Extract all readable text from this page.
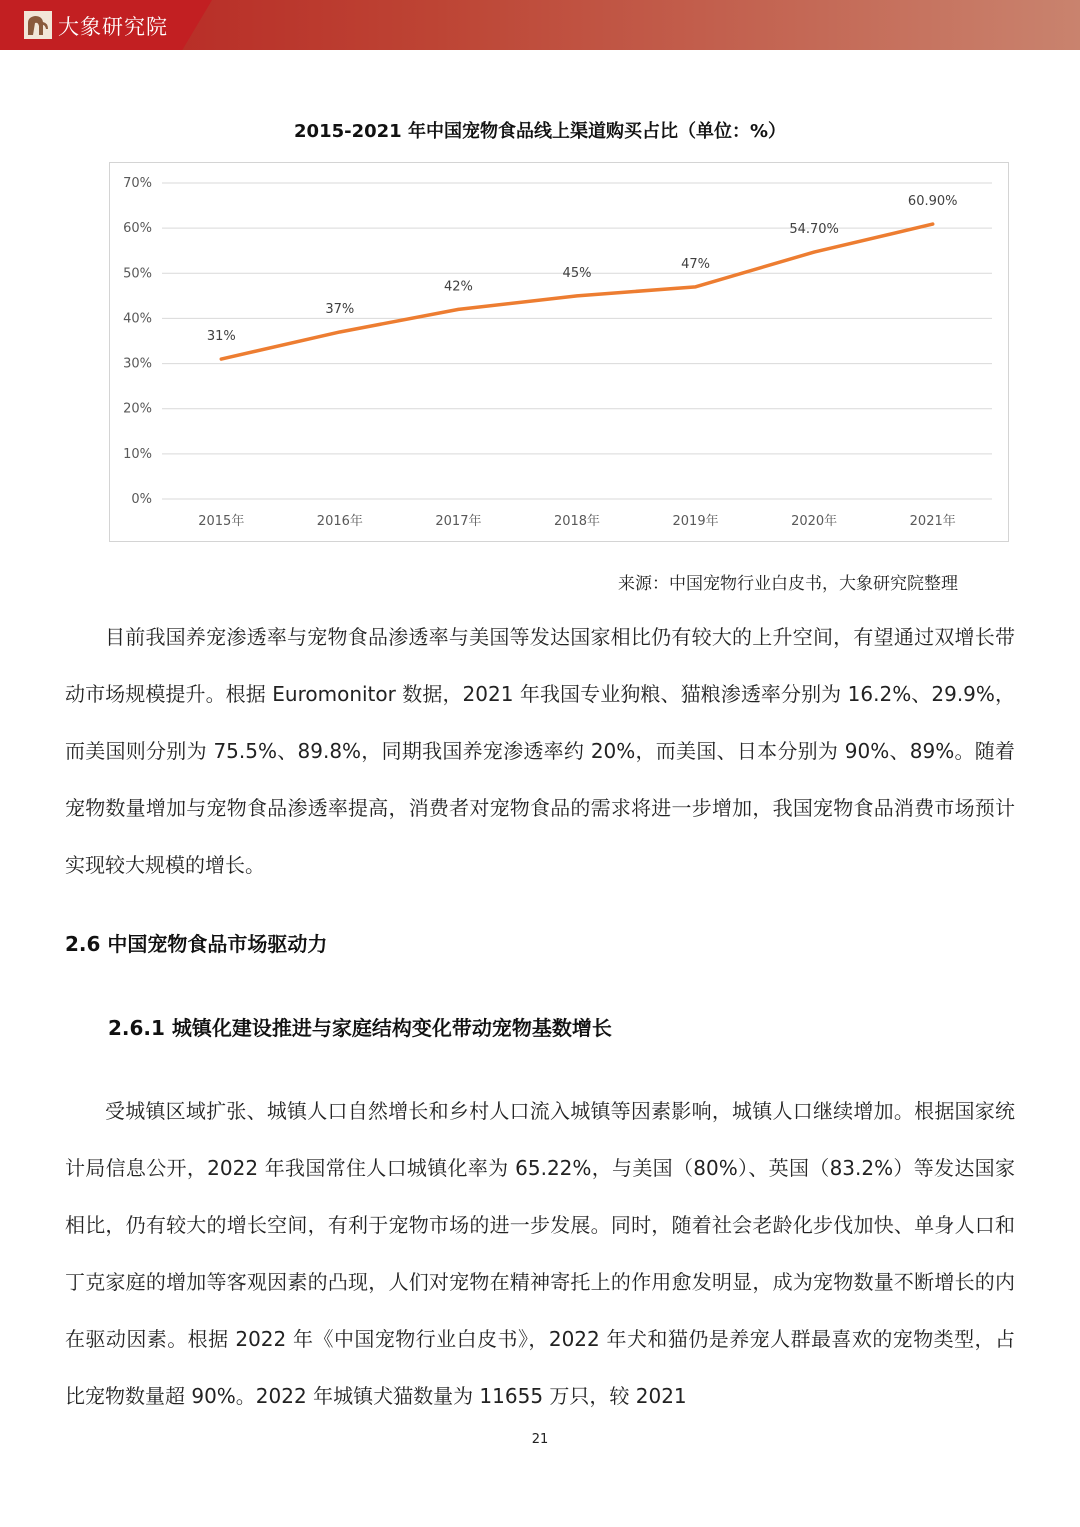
大象研究院
2015-2021 年中国宠物食品线上渠道购买占比（单位：%）
0%
10%
20%
30%
40%
50%
60%
70%
2015年	2016年	2017年	2018年	2019年	2020年	2021年
31%
37%
42%
45%
47%
54.70%
60.90%
来源：中国宠物行业白皮书，大象研究院整理

目前我国养宠渗透率与宠物食品渗透率与美国等发达国家相比仍有较大的上升空间，有望通过双增长带动市场规模提升。根据 Euromonitor 数据，2021 年我国专业狗粮、猫粮渗透率分别为 16.2%、29.9%，而美国则分别为 75.5%、89.8%，同期我国养宠渗透率约 20%，而美国、日本分别为 90%、89%。随着宠物数量增加与宠物食品渗透率提高，消费者对宠物食品的需求将进一步增加，我国宠物食品消费市场预计实现较大规模的增长。

2.6 中国宠物食品市场驱动力
2.6.1 城镇化建设推进与家庭结构变化带动宠物基数增长

受城镇区域扩张、城镇人口自然增长和乡村人口流入城镇等因素影响，城镇人口继续增加。根据国家统计局信息公开，2022 年我国常住人口城镇化率为 65.22%，与美国（80%）、英国（83.2%）等发达国家相比，仍有较大的增长空间，有利于宠物市场的进一步发展。同时，随着社会老龄化步伐加快、单身人口和丁克家庭的增加等客观因素的凸现，人们对宠物在精神寄托上的作用愈发明显，成为宠物数量不断增长的内在驱动因素。根据 2022 年《中国宠物行业白皮书》，2022 年犬和猫仍是养宠人群最喜欢的宠物类型，占比宠物数量超 90%。2022 年城镇犬猫数量为 11655 万只，较 2021

21
